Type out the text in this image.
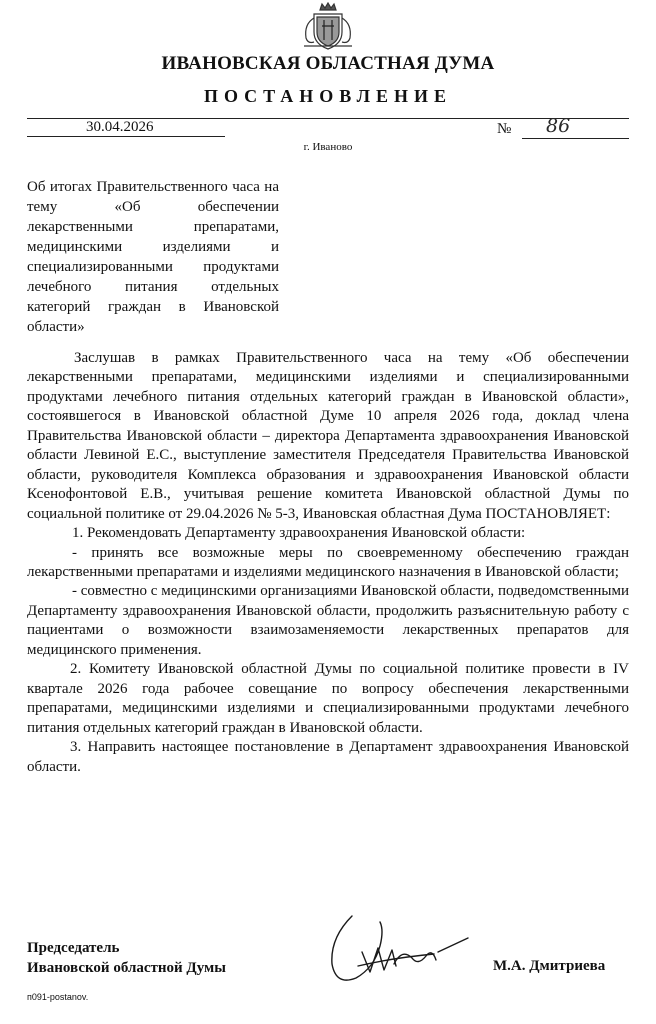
ИВАНОВСКАЯ ОБЛАСТНАЯ ДУМА
ПОСТАНОВЛЕНИЕ
30.04.2026	№ 86
г. Иваново
Об итогах Правительственного часа на тему «Об обеспечении лекарственными препаратами, медицинскими изделиями и специализированными продуктами лечебного питания отдельных категорий граждан в Ивановской области»

Заслушав в рамках Правительственного часа на тему «Об обеспечении лекарственными препаратами, медицинскими изделиями и специализированными продуктами лечебного питания отдельных категорий граждан в Ивановской области», состоявшегося в Ивановской областной Думе 10 апреля 2026 года, доклад члена Правительства Ивановской области – директора Департамента здравоохранения Ивановской области Левиной Е.С., выступление заместителя Председателя Правительства Ивановской области, руководителя Комплекса образования и здравоохранения Ивановской области Ксенофонтовой Е.В., учитывая решение комитета Ивановской областной Думы по социальной политике от 29.04.2026 № 5-3, Ивановская областная Дума ПОСТАНОВЛЯЕТ:

1. Рекомендовать Департаменту здравоохранения Ивановской области:

- принять все возможные меры по своевременному обеспечению граждан лекарственными препаратами и изделиями медицинского назначения в Ивановской области;

- совместно с медицинскими организациями Ивановской области, подведомственными Департаменту здравоохранения Ивановской области, продолжить разъяснительную работу с пациентами о возможности взаимозаменяемости лекарственных препаратов для медицинского применения.

2. Комитету Ивановской областной Думы по социальной политике провести в IV квартале 2026 года рабочее совещание по вопросу обеспечения лекарственными препаратами, медицинскими изделиями и специализированными продуктами лечебного питания отдельных категорий граждан в Ивановской области.

3. Направить настоящее постановление в Департамент здравоохранения Ивановской области.

Председатель
Ивановской областной Думы	М.А. Дмитриева
п091-postanov.
